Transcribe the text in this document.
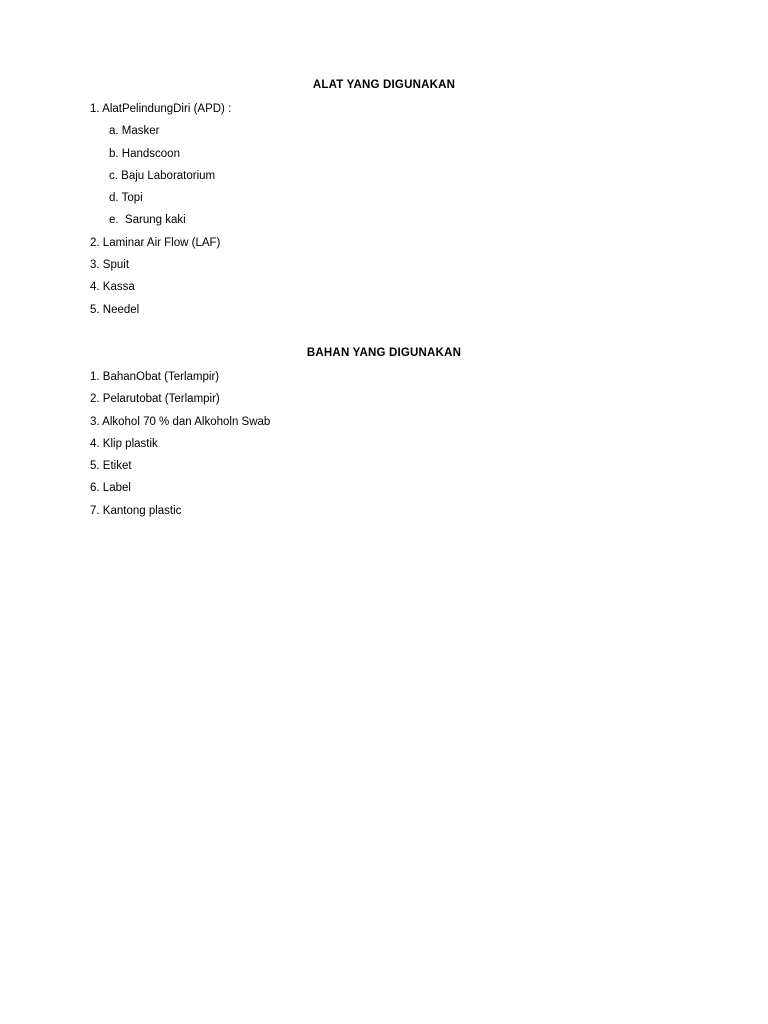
ALAT YANG DIGUNAKAN
1. AlatPelindungDiri (APD) :
a. Masker
b. Handscoon
c. Baju Laboratorium
d. Topi
e.  Sarung kaki
2. Laminar Air Flow (LAF)
3. Spuit
4. Kassa
5. Needel
BAHAN YANG DIGUNAKAN
1. BahanObat (Terlampir)
2. Pelarutobat (Terlampir)
3. Alkohol 70 % dan Alkoholn Swab
4. Klip plastik
5. Etiket
6. Label
7. Kantong plastic
